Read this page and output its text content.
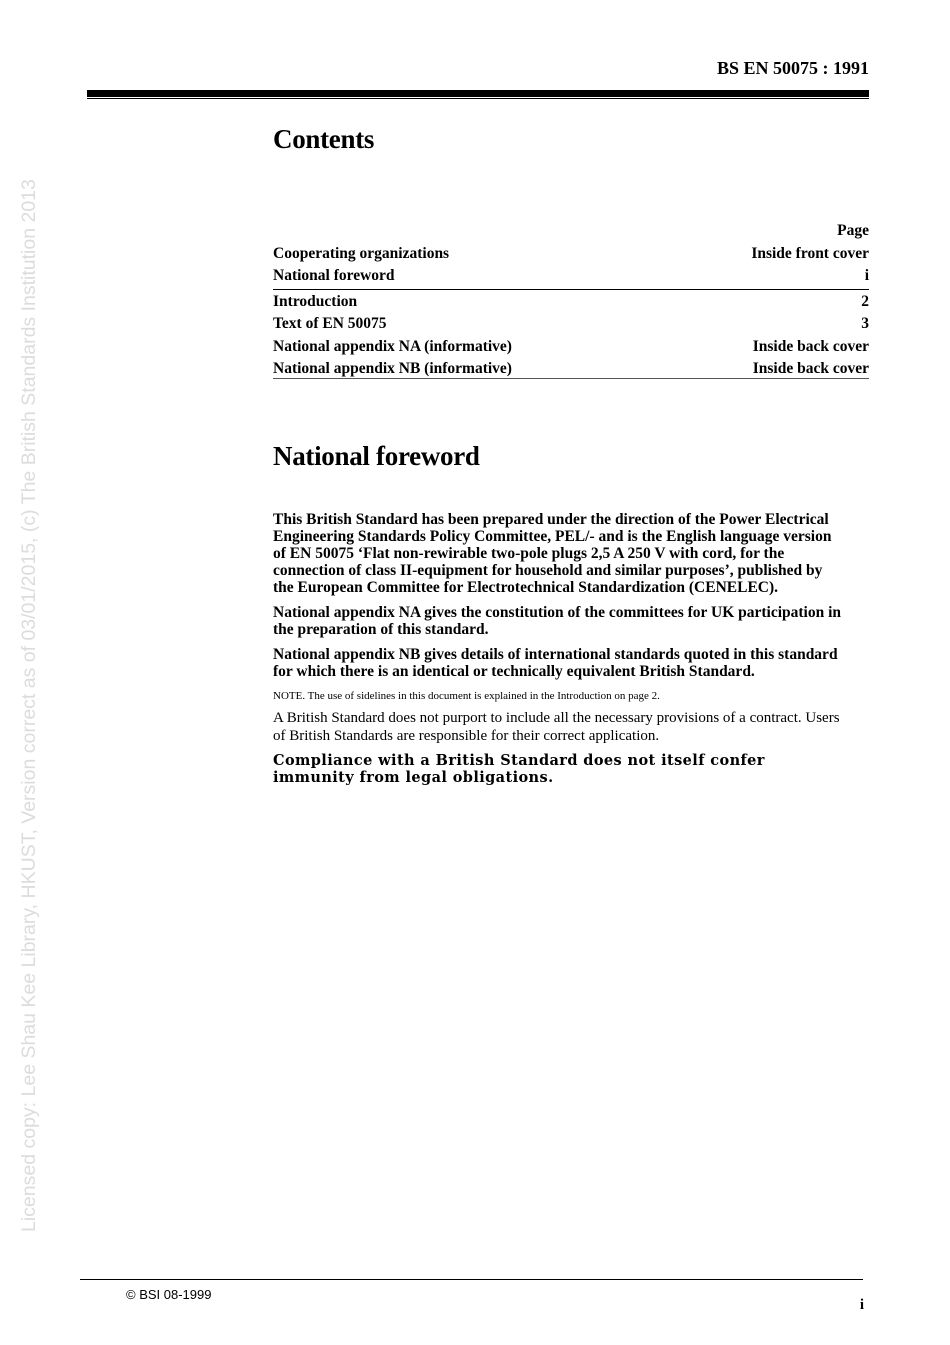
Licensed copy: Lee Shau Kee Library, HKUST, Version correct as of 03/01/2015, (c) The British Standards Institution 2013
BS EN 50075 : 1991
Contents
Page
Cooperating organizations	Inside front cover
National foreword	i
Introduction	2
Text of EN 50075	3
National appendix NA (informative)	Inside back cover
National appendix NB (informative)	Inside back cover
National foreword

This British Standard has been prepared under the direction of the Power Electrical Engineering Standards Policy Committee, PEL/- and is the English language version of EN 50075 ‘Flat non-rewirable two-pole plugs 2,5 A 250 V with cord, for the connection of class II-equipment for household and similar purposes’, published by the European Committee for Electrotechnical Standardization (CENELEC).

National appendix NA gives the constitution of the committees for UK participation in the preparation of this standard.

National appendix NB gives details of international standards quoted in this standard for which there is an identical or technically equivalent British Standard.

NOTE. The use of sidelines in this document is explained in the Introduction on page 2.

A British Standard does not purport to include all the necessary provisions of a contract. Users of British Standards are responsible for their correct application.

Compliance with a British Standard does not itself confer immunity from legal obligations.

© BSI 08-1999
i
